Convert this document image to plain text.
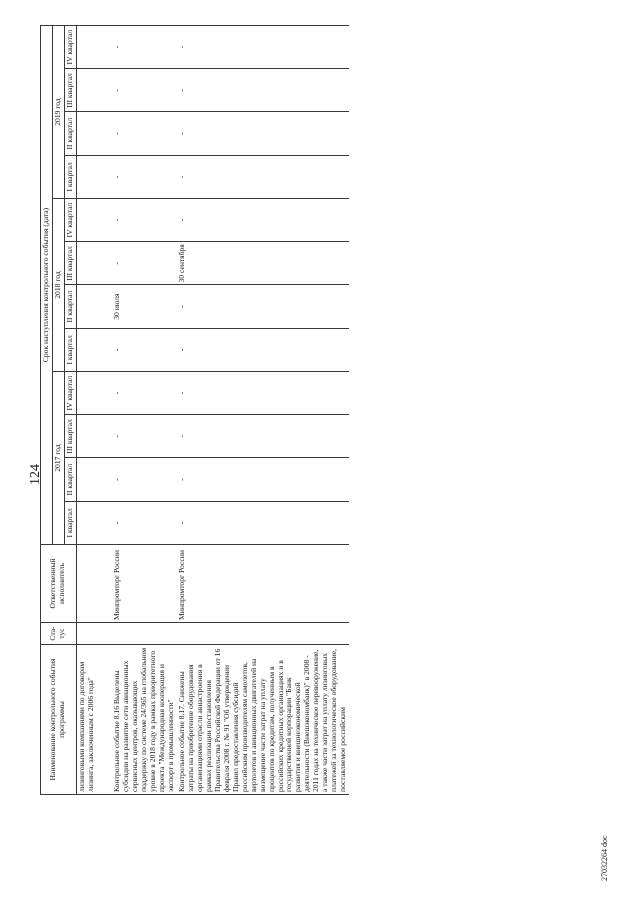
124
Наименование контрольного события программы	Ста-тус	Ответственный исполнитель	Срок наступления контрольного события (дата)											
			2017 год				2018 год				2019 год			
			I квартал	II квартал	III квартал	IV квартал	I квартал	II квартал	III квартал	IV квартал	I квартал	II квартал	III квартал	IV квартал
лизинговыми компаниями по договорам лизинга, заключенным с 2006 года"														
Контрольное событие 8.16 Выделены субсидии на развитие сети авиационных сервисных центров, оказывающих поддержку по системе 24/365 на глобальном уровне в 2018 году в рамках приоритетного проекта "Международная кооперация и экспорт в промышленности"		Минпромторг России	-	-	-	-	-	30 июля	-	-	-	-	-	-
Контрольное событие 8.17. Снижены затраты на приобретение оборудования организациями отрасли авиастроения в рамках реализации постановления Правительства Российской Федерации от 16 февраля 2008 г. № 91 "Об утверждении Правил предоставления субсидий российским производителям самолетов, вертолетов и авиационных двигателей на возмещение части затрат на уплату процентов по кредитам, полученным в российских кредитных организациях и в государственной корпорации "Банк развития и внешнеэкономической деятельности (Внешэкономбанк)" в 2008 - 2011 годах на техническое перевооружение, а также части затрат на уплату лизинговых платежей за технологическое оборудование, поставляемое российским		Минпромторг России	-	-	-	-	-	-	30 сентября	-	-	-	-	-
27032264 doc
